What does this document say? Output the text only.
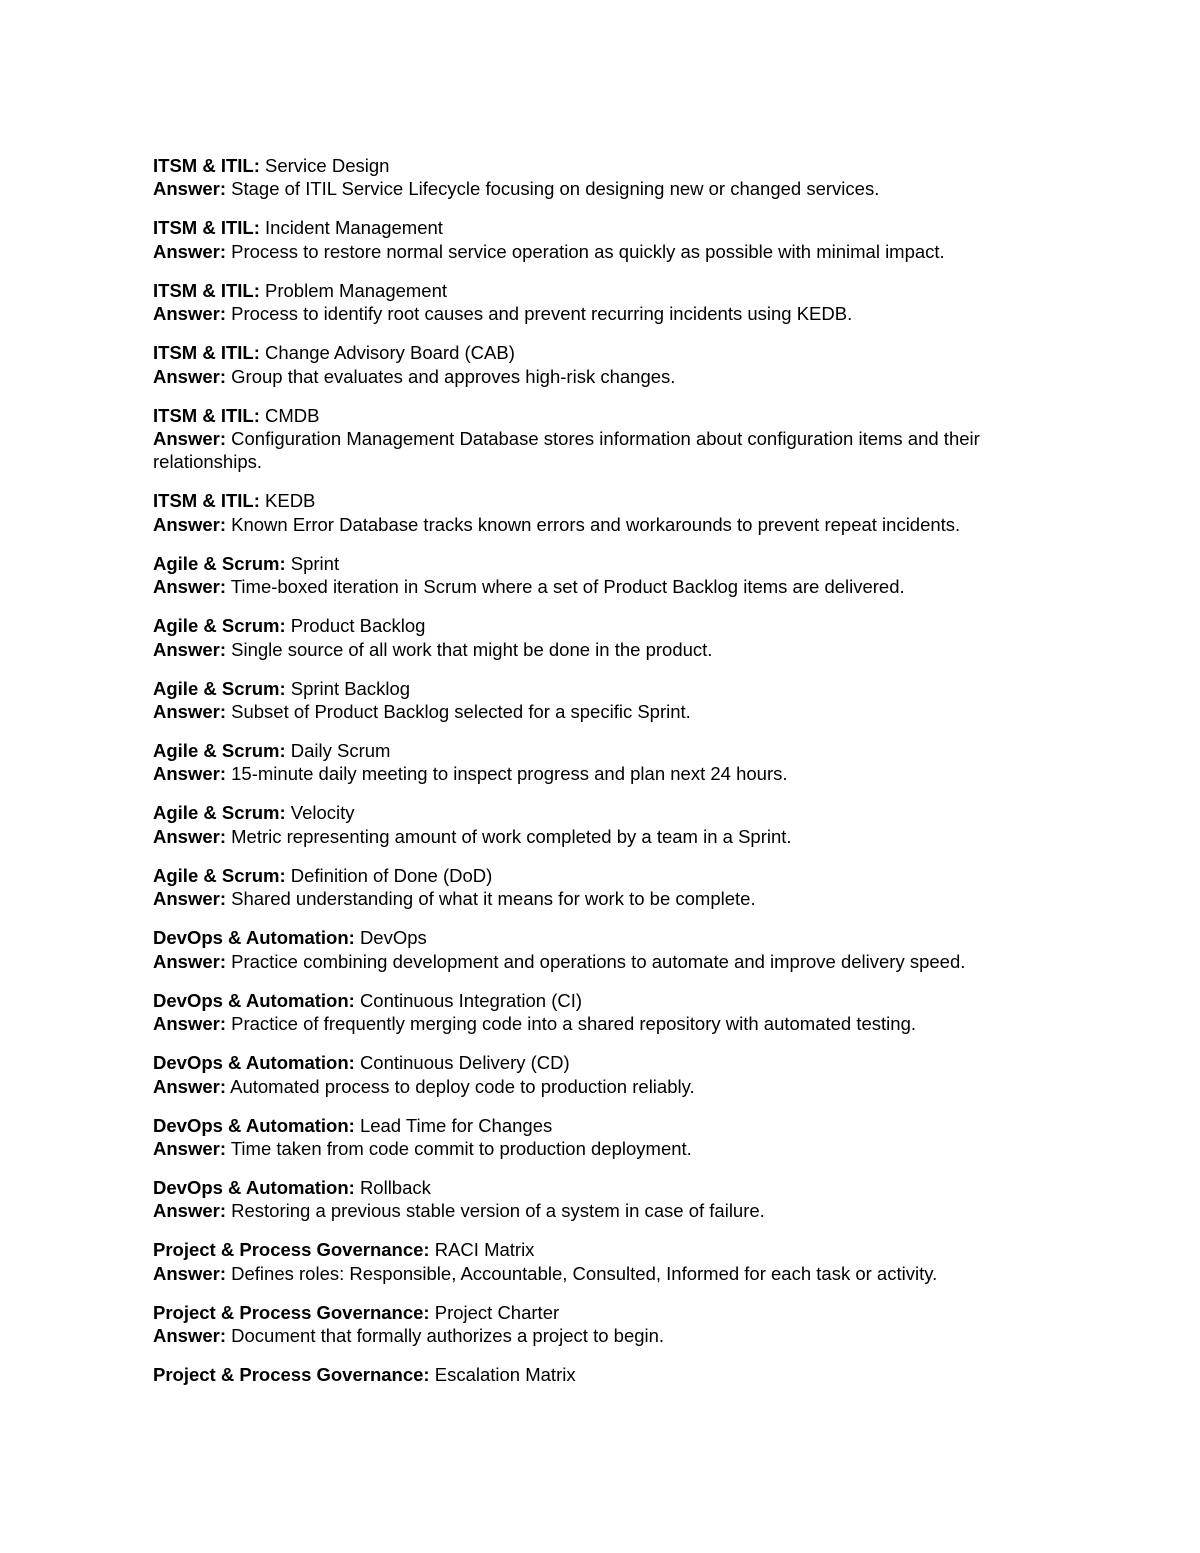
ITSM & ITIL: Service Design
Answer: Stage of ITIL Service Lifecycle focusing on designing new or changed services.
ITSM & ITIL: Incident Management
Answer: Process to restore normal service operation as quickly as possible with minimal impact.
ITSM & ITIL: Problem Management
Answer: Process to identify root causes and prevent recurring incidents using KEDB.
ITSM & ITIL: Change Advisory Board (CAB)
Answer: Group that evaluates and approves high-risk changes.
ITSM & ITIL: CMDB
Answer: Configuration Management Database stores information about configuration items and their relationships.
ITSM & ITIL: KEDB
Answer: Known Error Database tracks known errors and workarounds to prevent repeat incidents.
Agile & Scrum: Sprint
Answer: Time-boxed iteration in Scrum where a set of Product Backlog items are delivered.
Agile & Scrum: Product Backlog
Answer: Single source of all work that might be done in the product.
Agile & Scrum: Sprint Backlog
Answer: Subset of Product Backlog selected for a specific Sprint.
Agile & Scrum: Daily Scrum
Answer: 15-minute daily meeting to inspect progress and plan next 24 hours.
Agile & Scrum: Velocity
Answer: Metric representing amount of work completed by a team in a Sprint.
Agile & Scrum: Definition of Done (DoD)
Answer: Shared understanding of what it means for work to be complete.
DevOps & Automation: DevOps
Answer: Practice combining development and operations to automate and improve delivery speed.
DevOps & Automation: Continuous Integration (CI)
Answer: Practice of frequently merging code into a shared repository with automated testing.
DevOps & Automation: Continuous Delivery (CD)
Answer: Automated process to deploy code to production reliably.
DevOps & Automation: Lead Time for Changes
Answer: Time taken from code commit to production deployment.
DevOps & Automation: Rollback
Answer: Restoring a previous stable version of a system in case of failure.
Project & Process Governance: RACI Matrix
Answer: Defines roles: Responsible, Accountable, Consulted, Informed for each task or activity.
Project & Process Governance: Project Charter
Answer: Document that formally authorizes a project to begin.
Project & Process Governance: Escalation Matrix
